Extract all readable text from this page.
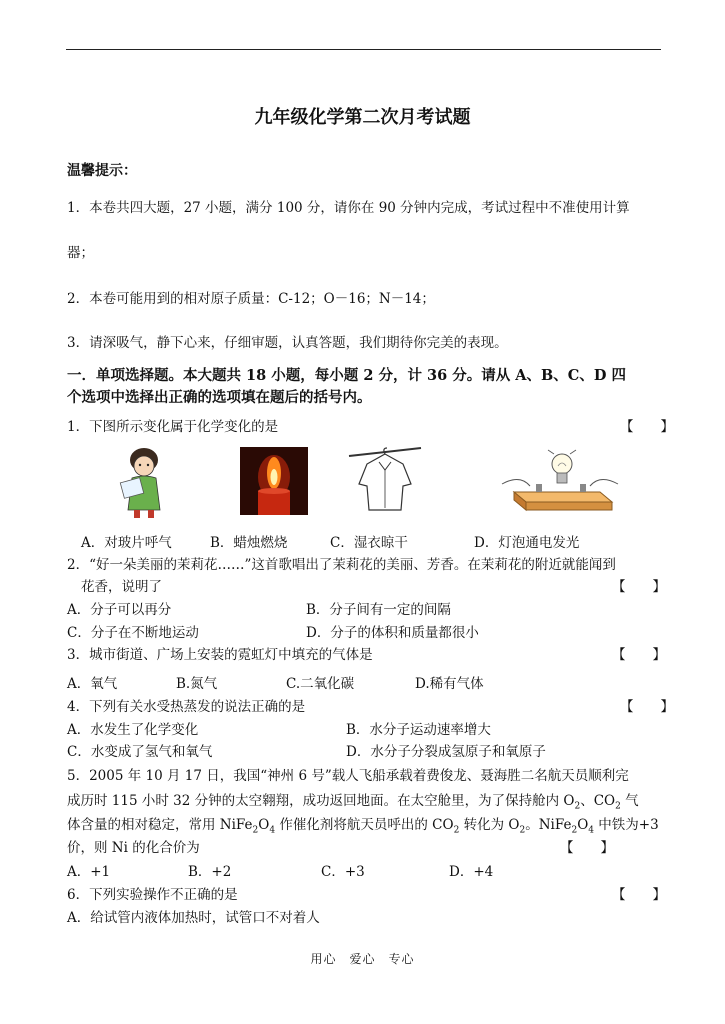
九年级化学第二次月考试题
温馨提示：
1．本卷共四大题，27 小题，满分 100 分，请你在 90 分钟内完成，考试过程中不准使用计算
器；
2．本卷可能用到的相对原子质量：C-12；O－16；N－14；
3．请深吸气，静下心来，仔细审题，认真答题，我们期待你完美的表现。
一．单项选择题。本大题共 18 小题，每小题 2 分，计 36 分。请从 A、B、C、D 四
个选项中选择出正确的选项填在题后的括号内。
1．下图所示变化属于化学变化的是	【　　】
A．对玻片呼气	B．蜡烛燃烧	C．湿衣晾干	D．灯泡通电发光
2．“好一朵美丽的茉莉花……”这首歌唱出了茉莉花的美丽、芳香。在茉莉花的附近就能闻到
花香，说明了	【　　】
A．分子可以再分	B．分子间有一定的间隔
C．分子在不断地运动	D．分子的体积和质量都很小
3．城市街道、广场上安装的霓虹灯中填充的气体是	【　　】
A．氧气	B.氮气	C.二氧化碳	D.稀有气体
4．下列有关水受热蒸发的说法正确的是	【　　】
A．水发生了化学变化	B．水分子运动速率增大
C．水变成了氢气和氧气	D．水分子分裂成氢原子和氧原子
5．2005 年 10 月 17 日，我国“神州 6 号”载人飞船承载着费俊龙、聂海胜二名航天员顺利完
成历时 115 小时 32 分钟的太空翱翔，成功返回地面。在太空舱里，为了保持舱内 $O_2$、$CO_2$ 气
体含量的相对稳定，常用 $NiFe_2O_4$ 作催化剂将航天员呼出的 $CO_2$ 转化为 $O_2$。$NiFe_2O_4$ 中铁为+3
价，则 Ni 的化合价为	【　　】
A．+1	B．+2	C．+3	D．+4
6．下列实验操作不正确的是	【　　】
A．给试管内液体加热时，试管口不对着人
用心　爱心　专心
